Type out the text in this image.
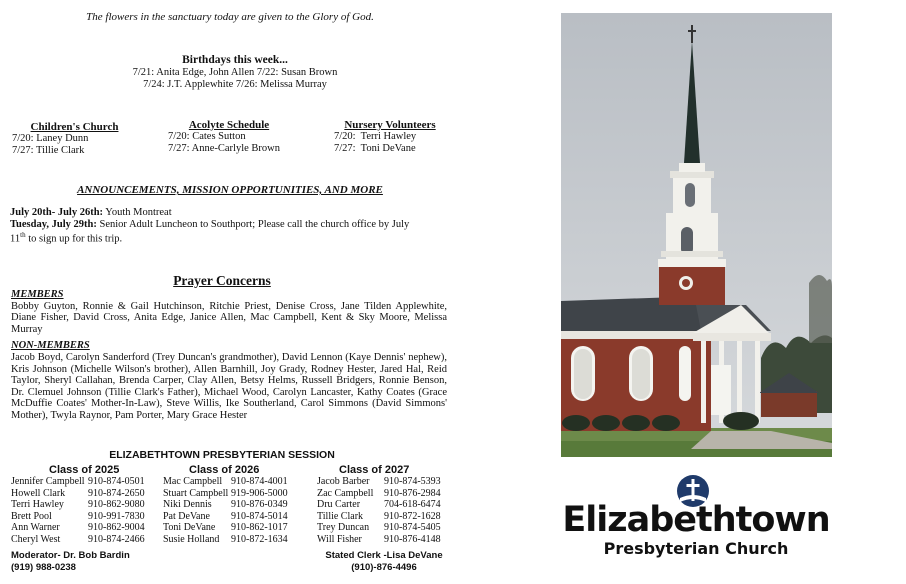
The flowers in the sanctuary today are given to the Glory of God.
Birthdays this week...
7/21: Anita Edge, John Allen 7/22: Susan Brown
7/24: J.T. Applewhite 7/26: Melissa Murray
Children's Church
7/20: Laney Dunn
7/27: Tillie Clark
Acolyte Schedule
7/20: Cates Sutton
7/27: Anne-Carlyle Brown
Nursery Volunteers
7/20:  Terri Hawley
7/27:  Toni DeVane
ANNOUNCEMENTS, MISSION OPPORTUNITIES, AND MORE
July 20th- July 26th: Youth Montreat
Tuesday, July 29th: Senior Adult Luncheon to Southport; Please call the church office by July
11th to sign up for this trip.
Prayer Concerns
MEMBERS
Bobby Guyton, Ronnie & Gail Hutchinson, Ritchie Priest, Denise Cross, Jane Tilden Applewhite, Diane Fisher, David Cross, Anita Edge, Janice Allen, Mac Campbell, Kent & Sky Moore, Melissa Murray
NON-MEMBERS
Jacob Boyd, Carolyn Sanderford (Trey Duncan's grandmother), David Lennon (Kaye Dennis' nephew), Kris Johnson (Michelle Wilson's brother), Allen Barnhill, Joy Grady, Rodney Hester, Jared Hal, Reid Taylor, Sheryl Callahan, Brenda Carper, Clay Allen, Betsy Helms, Russell Bridgers, Ronnie Benson, Dr. Clemuel Johnson (Tillie Clark's Father), Michael Wood, Carolyn Lancaster, Kathy Coates (Grace McDuffie Coates' Mother-In-Law), Steve Willis, Ike Southerland, Carol Simmons (David Simmons' Mother), Twyla Raynor, Pam Porter, Mary Grace Hester
ELIZABETHTOWN PRESBYTERIAN SESSION
Class of 2025
Jennifer Campbell 910-874-0501
Howell Clark	910-874-2650
Terri Hawley	910-862-9080
Brett Pool	910-991-7830
Ann Warner	910-862-9004
Cheryl West	910-874-2466
Class of 2026
Mac Campbell 910-874-4001
Stuart Campbell 919-906-5000
Niki Dennis	910-876-0349
Pat DeVane	910-874-5014
Toni DeVane	910-862-1017
Susie Holland	910-872-1634
Class of 2027
Jacob Barber	910-874-5393
Zac Campbell	910-876-2984
Dru Carter	704-618-6474
Tillie Clark	910-872-1628
Trey Duncan	910-874-5405
Will Fisher	910-876-4148
Moderator- Dr. Bob Bardin
(919) 988-0238
Stated Clerk -Lisa DeVane
(910)-876-4496
Elizabethtown
Presbyterian Church
